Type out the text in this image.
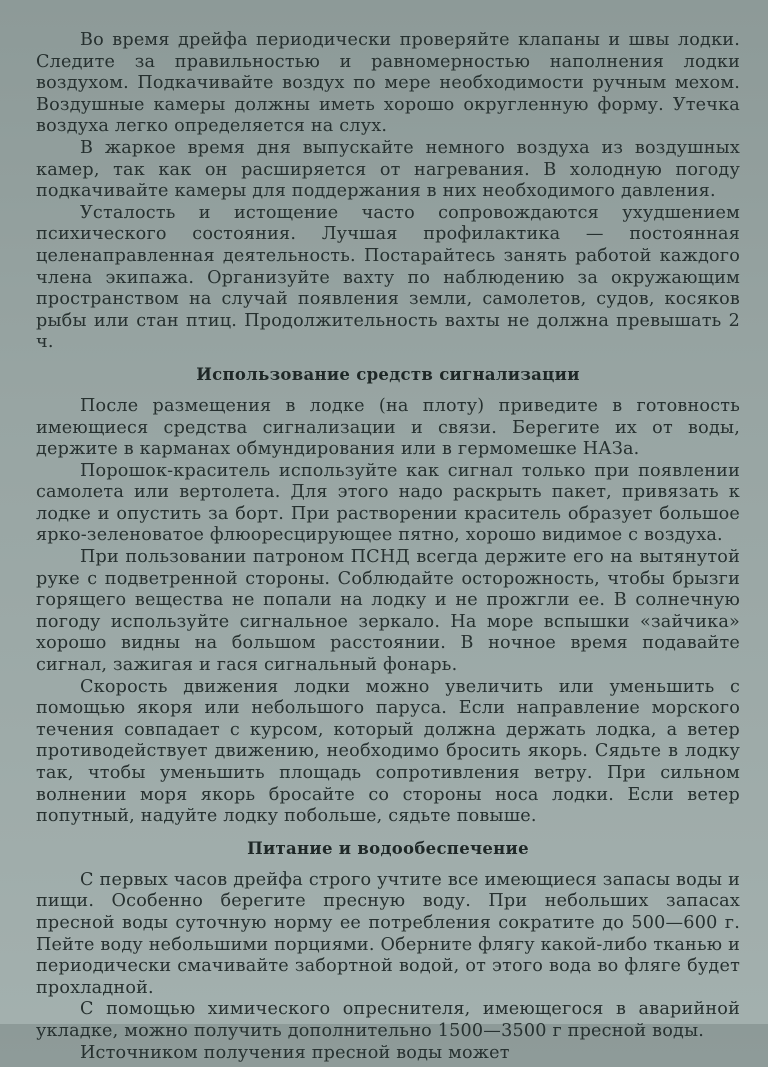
Во время дрейфа периодически проверяйте клапаны и швы лодки. Следите за правильностью и равномерностью наполнения лодки воздухом. Подкачивайте воздух по мере необходимости ручным мехом. Воздушные камеры должны иметь хорошо округленную форму. Утечка воздуха легко определяется на слух.

В жаркое время дня выпускайте немного воздуха из воздушных камер, так как он расширяется от нагревания. В холодную погоду подкачивайте камеры для поддержания в них необходимого давления.

Усталость и истощение часто сопровождаются ухудшением психического состояния. Лучшая профилактика — постоянная целенаправленная деятельность. Постарайтесь занять работой каждого члена экипажа. Организуйте вахту по наблюдению за окружающим пространством на случай появления земли, самолетов, судов, косяков рыбы или стан птиц. Продолжительность вахты не должна превышать 2 ч.

Использование средств сигнализации

После размещения в лодке (на плоту) приведите в готовность имеющиеся средства сигнализации и связи. Берегите их от воды, держите в карманах обмундирования или в гермомешке НАЗа.

Порошок-краситель используйте как сигнал только при появлении самолета или вертолета. Для этого надо раскрыть пакет, привязать к лодке и опустить за борт. При растворении краситель образует большое ярко-зеленоватое флюоресцирующее пятно, хорошо видимое с воздуха.

При пользовании патроном ПСНД всегда держите его на вытянутой руке с подветренной стороны. Соблюдайте осторожность, чтобы брызги горящего вещества не попали на лодку и не прожгли ее. В солнечную погоду используйте сигнальное зеркало. На море вспышки «зайчика» хорошо видны на большом расстоянии. В ночное время подавайте сигнал, зажигая и гася сигнальный фонарь.

Скорость движения лодки можно увеличить или уменьшить с помощью якоря или небольшого паруса. Если направление морского течения совпадает с курсом, который должна держать лодка, а ветер противодействует движению, необходимо бросить якорь. Сядьте в лодку так, чтобы уменьшить площадь сопротивления ветру. При сильном волнении моря якорь бросайте со стороны носа лодки. Если ветер попутный, надуйте лодку побольше, сядьте повыше.

Питание и водообеспечение

С первых часов дрейфа строго учтите все имеющиеся запасы воды и пищи. Особенно берегите пресную воду. При небольших запасах пресной воды суточную норму ее потребления сократите до 500—600 г. Пейте воду небольшими порциями. Оберните флягу какой-либо тканью и периодически смачивайте забортной водой, от этого вода во фляге будет прохладной.

С помощью химического опреснителя, имеющегося в аварийной укладке, можно получить дополнительно 1500—3500 г пресной воды.

Источником получения пресной воды может
